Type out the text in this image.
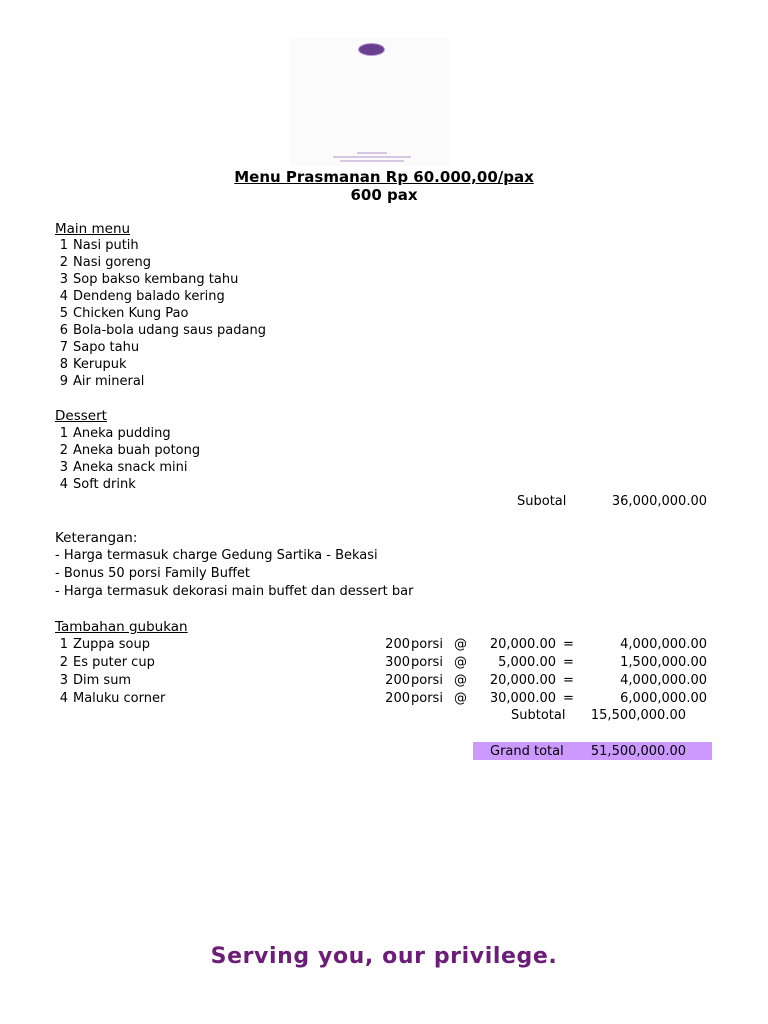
Menu Prasmanan Rp 60.000,00/pax
600 pax
Main menu
1 Nasi putih
2 Nasi goreng
3 Sop bakso kembang tahu
4 Dendeng balado kering
5 Chicken Kung Pao
6 Bola-bola udang saus padang
7 Sapo tahu
8 Kerupuk
9 Air mineral
Dessert
1 Aneka pudding
2 Aneka buah potong
3 Aneka snack mini
4 Soft drink
Subotal	36,000,000.00
Keterangan:
- Harga termasuk charge Gedung Sartika - Bekasi
- Bonus 50 porsi Family Buffet
- Harga termasuk dekorasi main buffet dan dessert bar
Tambahan gubukan
1 Zuppa soup	200 porsi @	20,000.00 =	4,000,000.00
2 Es puter cup	300 porsi @	5,000.00 =	1,500,000.00
3 Dim sum	200 porsi @	20,000.00 =	4,000,000.00
4 Maluku corner	200 porsi @	30,000.00 =	6,000,000.00
Subtotal	15,500,000.00
Grand total	51,500,000.00
Serving you, our privilege.
